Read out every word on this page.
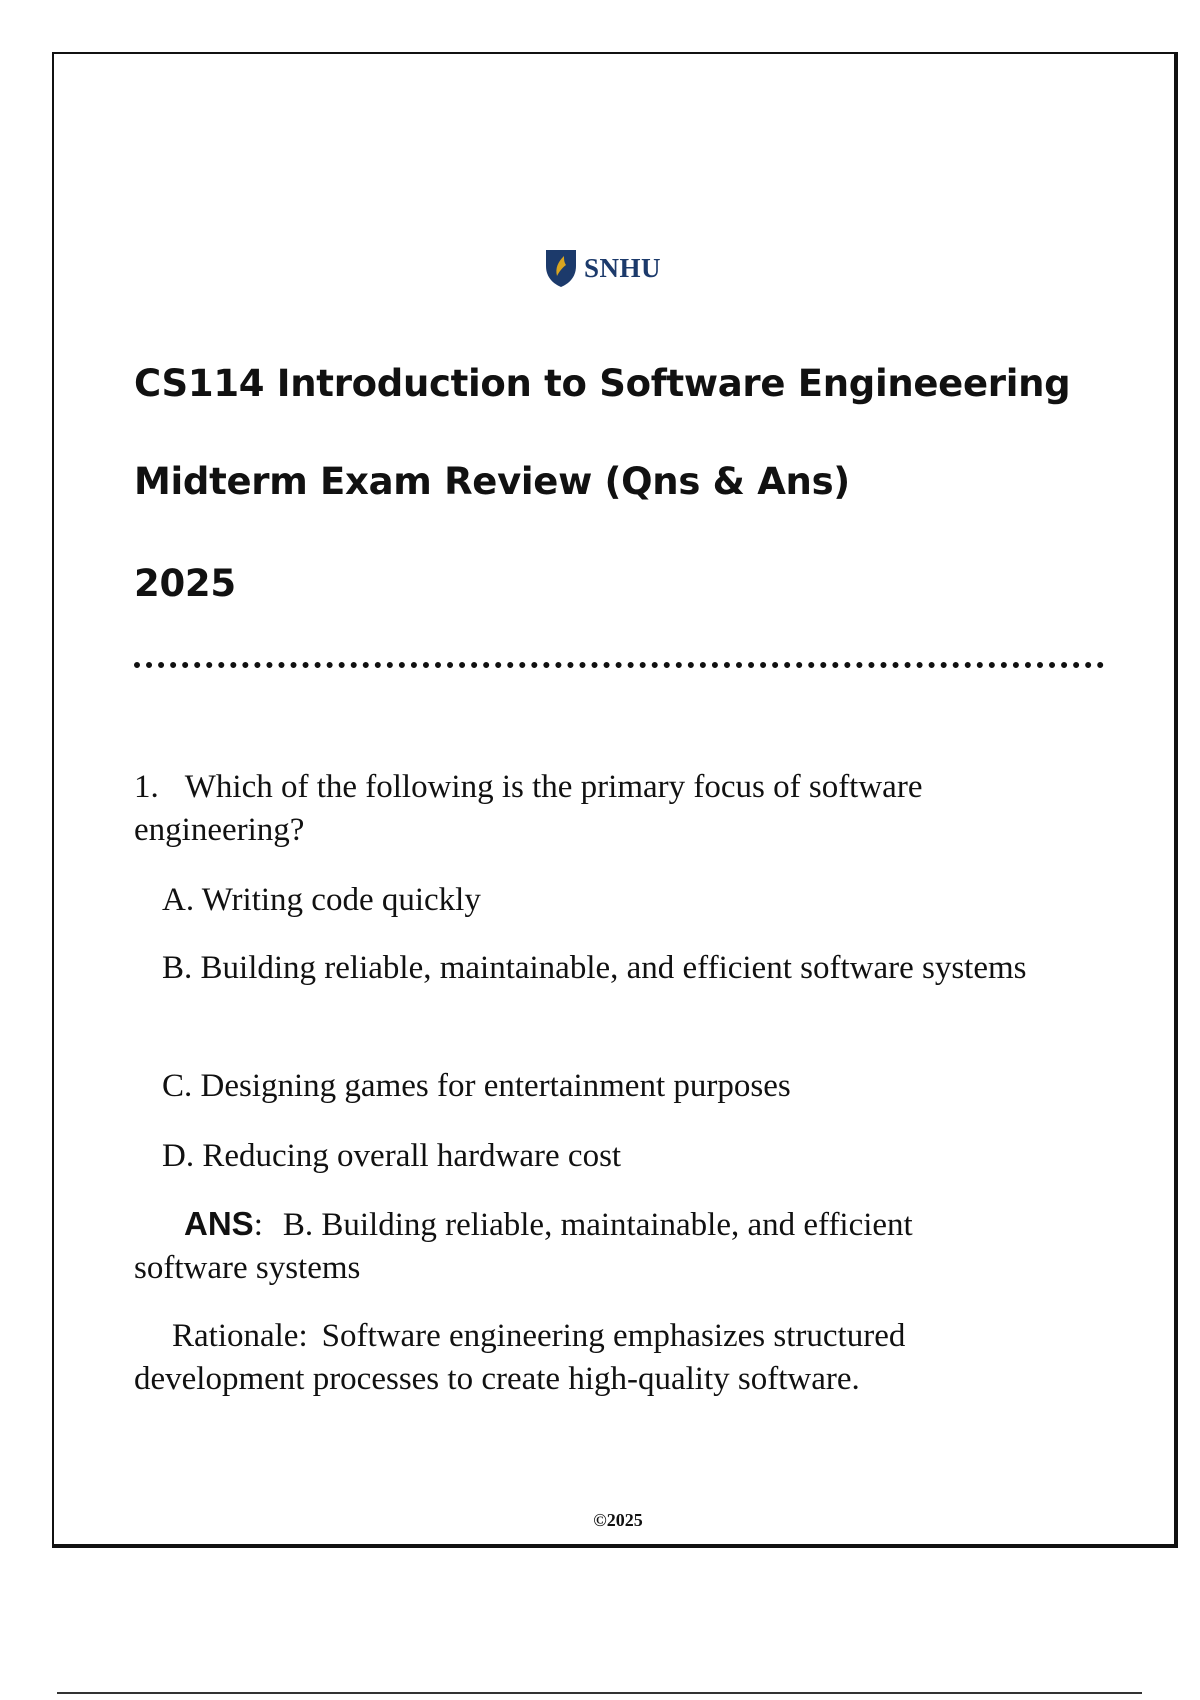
SNHU
CS114 Introduction to Software Engineeering
Midterm Exam Review (Qns & Ans)
2025
1. Which of the following is the primary focus of software engineering?
A. Writing code quickly
B. Building reliable, maintainable, and efficient software systems
C. Designing games for entertainment purposes
D. Reducing overall hardware cost
ANS: B. Building reliable, maintainable, and efficient software systems
Rationale: Software engineering emphasizes structured development processes to create high-quality software.
©2025
